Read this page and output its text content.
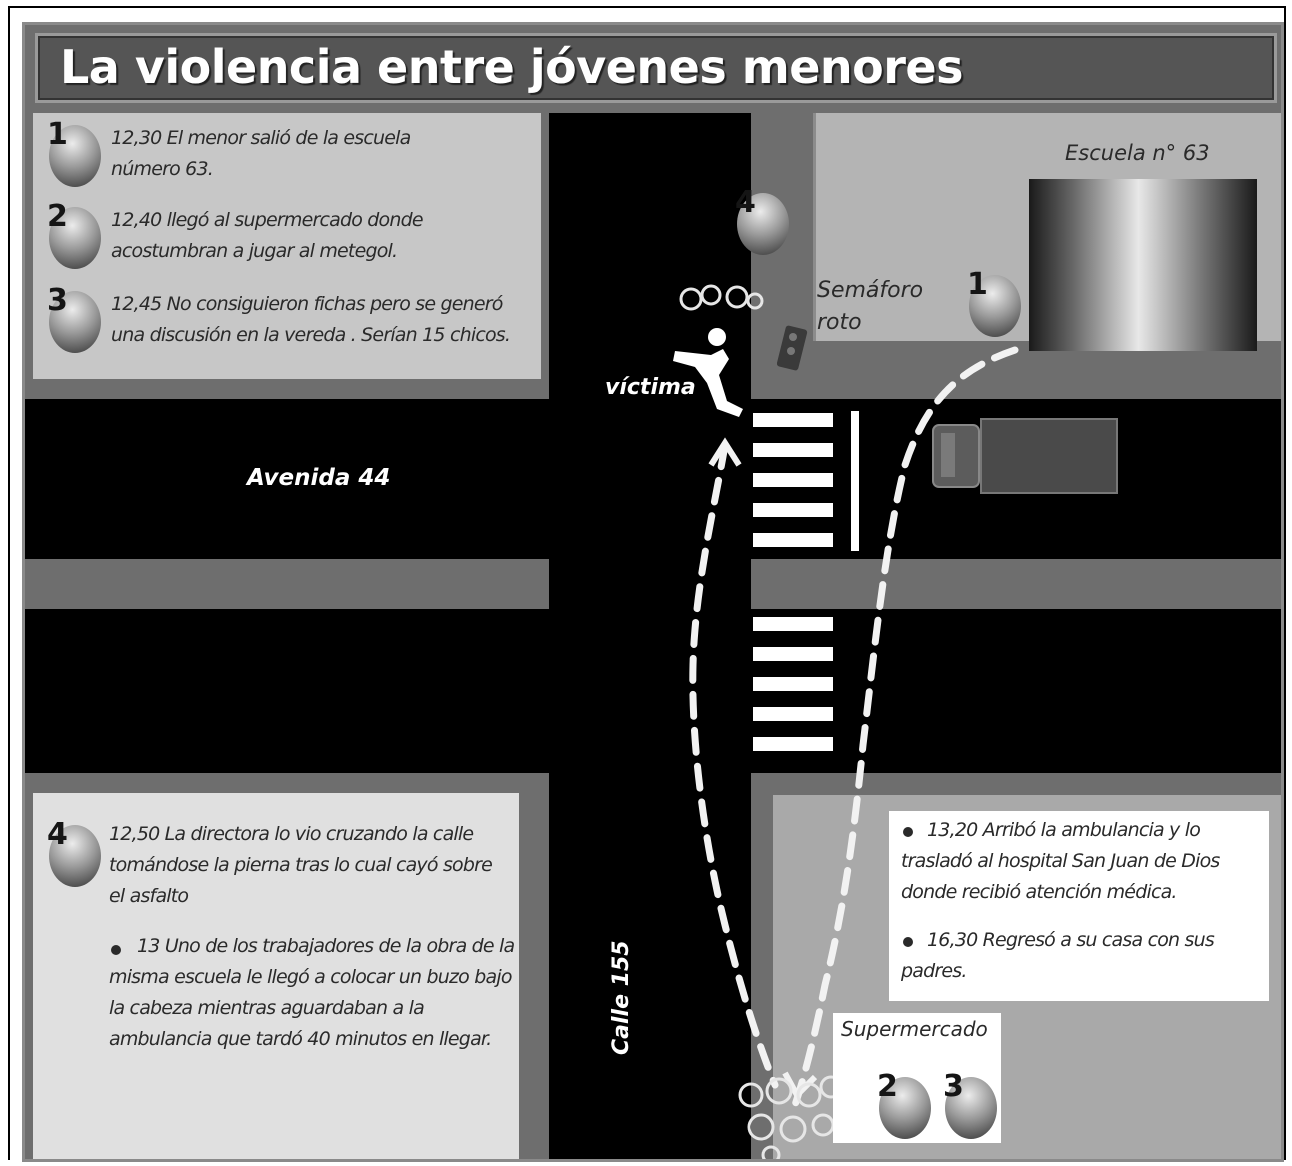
La violencia entre jóvenes menores
Escuela n° 63
Semáforo roto
víctima
Avenida 44
Calle 155	Supermercado
4
1
2 3
1 12,30 El menor salió de la escuela número 63.
2 12,40 llegó al supermercado donde acostumbran a jugar al metegol.
3 12,45 No consiguieron fichas pero se generó una discusión en la vereda . Serían 15 chicos.
4 12,50 La directora lo vio cruzando la calle tomándose la pierna tras lo cual cayó sobre el asfalto
13 Uno de los trabajadores de la obra de la misma escuela le llegó a colocar un buzo bajo la cabeza mientras aguardaban a la ambulancia que tardó 40 minutos en llegar.
13,20 Arribó la ambulancia y lo trasladó al hospital San Juan de Dios donde recibió atención médica.
16,30 Regresó a su casa con sus padres.
